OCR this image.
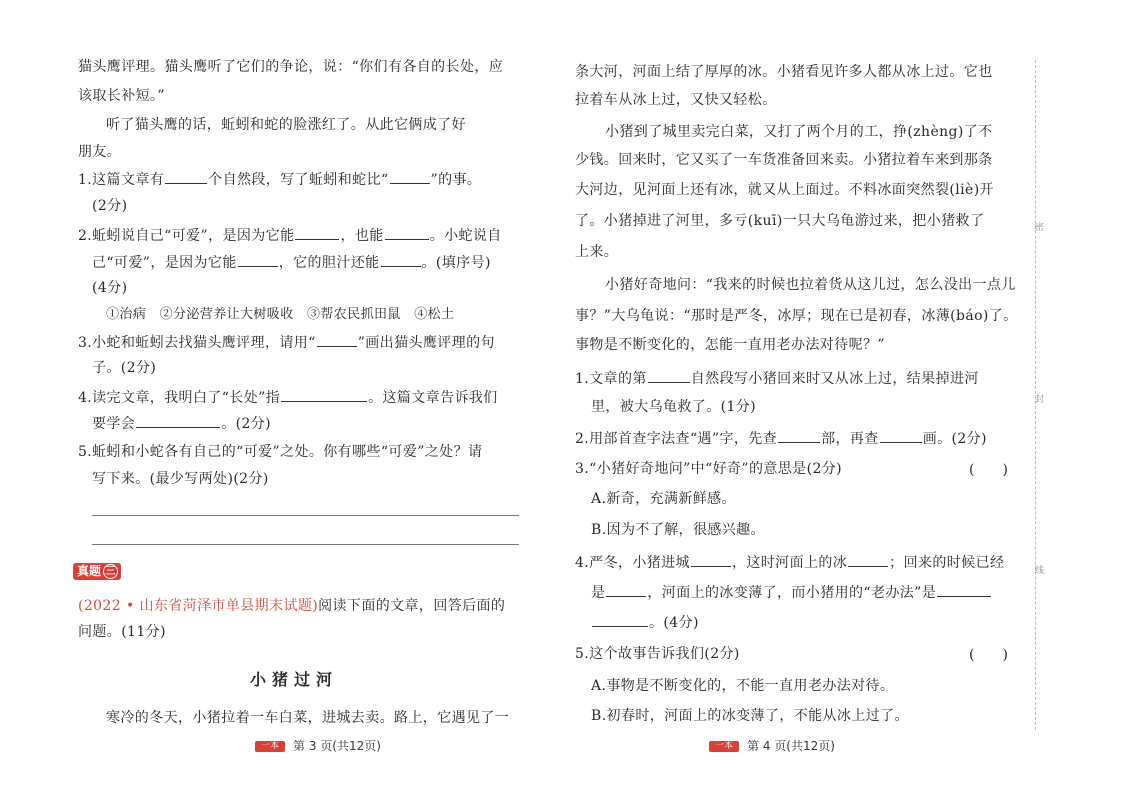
猫头鹰评理。猫头鹰听了它们的争论，说：“你们有各自的长处，应
该取长补短。”
听了猫头鹰的话，蚯蚓和蛇的脸涨红了。从此它俩成了好
朋友。
1.这篇文章有	个自然段，写了蚯蚓和蛇比“	”的事。
(2分)
2.蚯蚓说自己“可爱”，是因为它能	，也能	。小蛇说自
己“可爱”，是因为它能	，它的胆汁还能	。(填序号)
(4分)
①治病　②分泌营养让大树吸收　③帮农民抓田鼠　④松土
3.小蛇和蚯蚓去找猫头鹰评理，请用“	”画出猫头鹰评理的句
子。(2分)
4.读完文章，我明白了“长处”指	。这篇文章告诉我们
要学会	。(2分)
5.蚯蚓和小蛇各有自己的“可爱”之处。你有哪些“可爱”之处？请
写下来。(最少写两处)(2分)
真题 三
(2022 • 山东省菏泽市单县期末试题)阅读下面的文章，回答后面的
问题。(11分)
小猪过河
寒冷的冬天，小猪拉着一车白菜，进城去卖。路上，它遇见了一
一本 第 3 页(共12页)
条大河，河面上结了厚厚的冰。小猪看见许多人都从冰上过。它也
拉着车从冰上过，又快又轻松。
小猪到了城里卖完白菜，又打了两个月的工，挣(zhèng)了不
少钱。回来时，它又买了一车货准备回来卖。小猪拉着车来到那条
大河边，见河面上还有冰，就又从上面过。不料冰面突然裂(liè)开
了。小猪掉进了河里，多亏(kuī)一只大乌龟游过来，把小猪救了
上来。
小猪好奇地问：“我来的时候也拉着货从这儿过，怎么没出一点儿
事？”大乌龟说：“那时是严冬，冰厚；现在已是初春，冰薄(báo)了。
事物是不断变化的，怎能一直用老办法对待呢？”
1.文章的第	自然段写小猪回来时又从冰上过，结果掉进河
里，被大乌龟救了。(1分)
2.用部首查字法查“遇”字，先查	部，再查	画。(2分)
3.“小猪好奇地问”中“好奇”的意思是(2分)	(　　)
A.新奇，充满新鲜感。
B.因为不了解，很感兴趣。
4.严冬，小猪进城	，这时河面上的冰	；回来的时候已经
是	，河面上的冰变薄了，而小猪用的“老办法”是
。(4分)
5.这个故事告诉我们(2分)	(　　)
A.事物是不断变化的，不能一直用老办法对待。
B.初春时，河面上的冰变薄了，不能从冰上过了。
一本 第 4 页(共12页)
密
封
线
